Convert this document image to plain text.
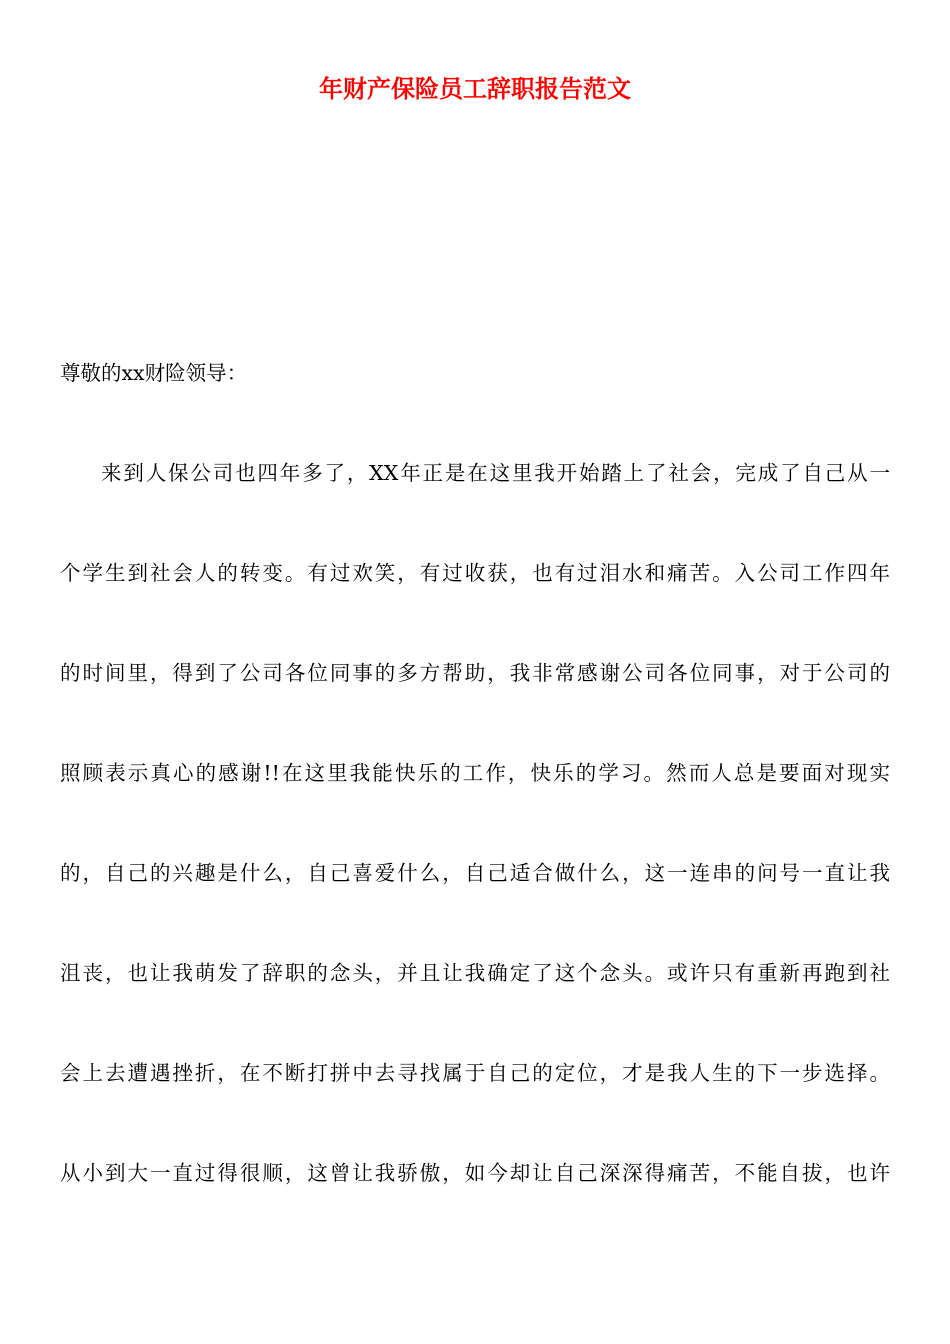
年财产保险员工辞职报告范文

尊敬的xx财险领导：

来到人保公司也四年多了，XX年正是在这里我开始踏上了社会，完成了自己从一

个学生到社会人的转变。有过欢笑，有过收获，也有过泪水和痛苦。入公司工作四年

的时间里，得到了公司各位同事的多方帮助，我非常感谢公司各位同事，对于公司的

照顾表示真心的感谢!!在这里我能快乐的工作，快乐的学习。然而人总是要面对现实

的，自己的兴趣是什么，自己喜爱什么，自己适合做什么，这一连串的问号一直让我

沮丧，也让我萌发了辞职的念头，并且让我确定了这个念头。或许只有重新再跑到社

会上去遭遇挫折，在不断打拼中去寻找属于自己的定位，才是我人生的下一步选择。

从小到大一直过得很顺，这曾让我骄傲，如今却让自己深深得痛苦，不能自拔，也许
